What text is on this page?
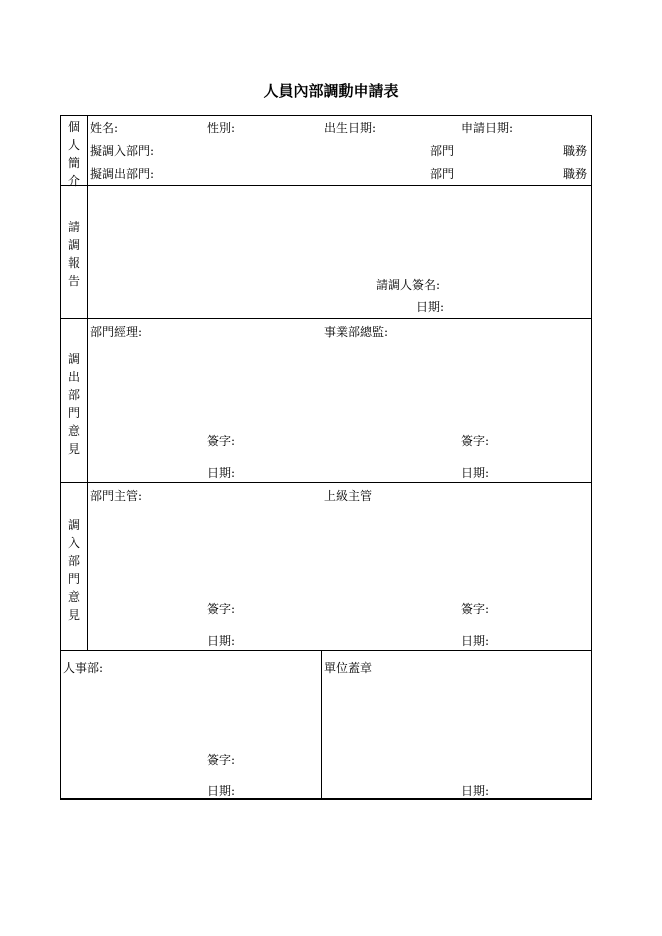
人員內部調動申請表
個
人
簡
介
姓名:	性別:	出生日期:	申請日期:
擬調入部門:	部門	職務
擬調出部門:	部門	職務
請
調
報
告	請調人簽名:
日期:
調
出
部
門
意
見
部門經理:	事業部總監:
簽字:	簽字:
日期:	日期:
調
入
部
門
意
見
部門主管:	上級主管
簽字:	簽字:
日期:	日期:
人事部:	單位蓋章
簽字:
日期:	日期:
